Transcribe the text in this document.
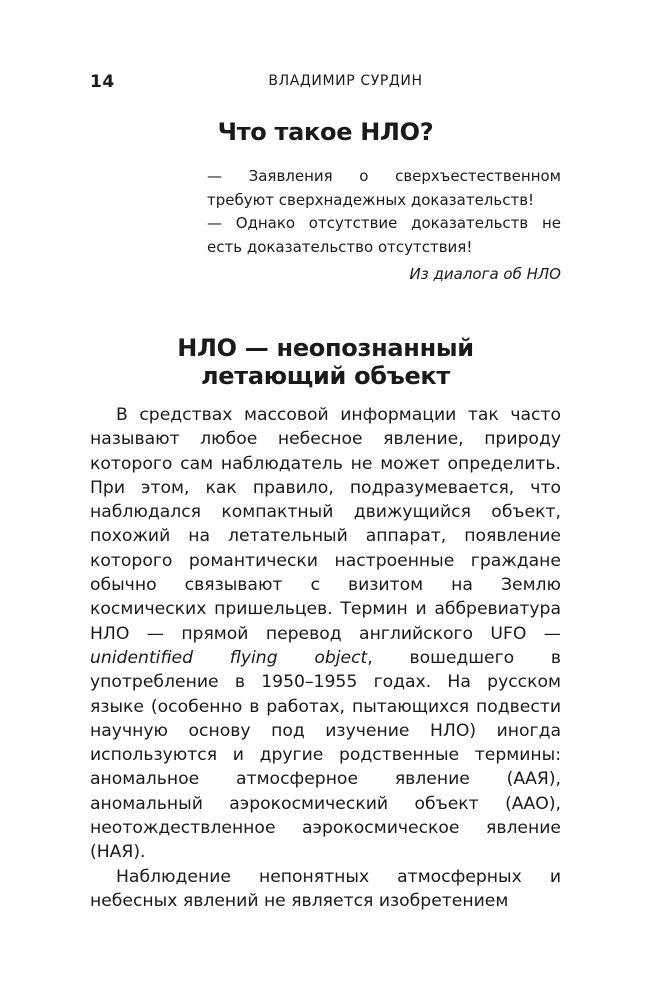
14	ВЛАДИМИР СУРДИН
Что такое НЛО?

— Заявления о сверхъестественном требуют сверхнадежных доказательств!

— Однако отсутствие доказательств не есть доказательство отсутствия!

Из диалога об НЛО

НЛО — неопознанный
летающий объект

В средствах массовой информации так часто называют любое небесное явление, природу которого сам наблюдатель не может определить. При этом, как правило, подразумевается, что наблюдался компактный движущийся объект, похожий на летательный аппарат, появление которого романтически настроенные граждане обычно связывают с визитом на Землю космических пришельцев. Термин и аббревиатура НЛО — прямой перевод английского UFO — unidentified flying object, вошедшего в употребление в 1950–1955 годах. На русском языке (особенно в работах, пытающихся подвести научную основу под изучение НЛО) иногда используются и другие родственные термины: аномальное атмосферное явление (ААЯ), аномальный аэрокосмический объект (ААО), неотождествленное аэрокосмическое явление (НАЯ).

Наблюдение непонятных атмосферных и небесных явлений не является изобретением
